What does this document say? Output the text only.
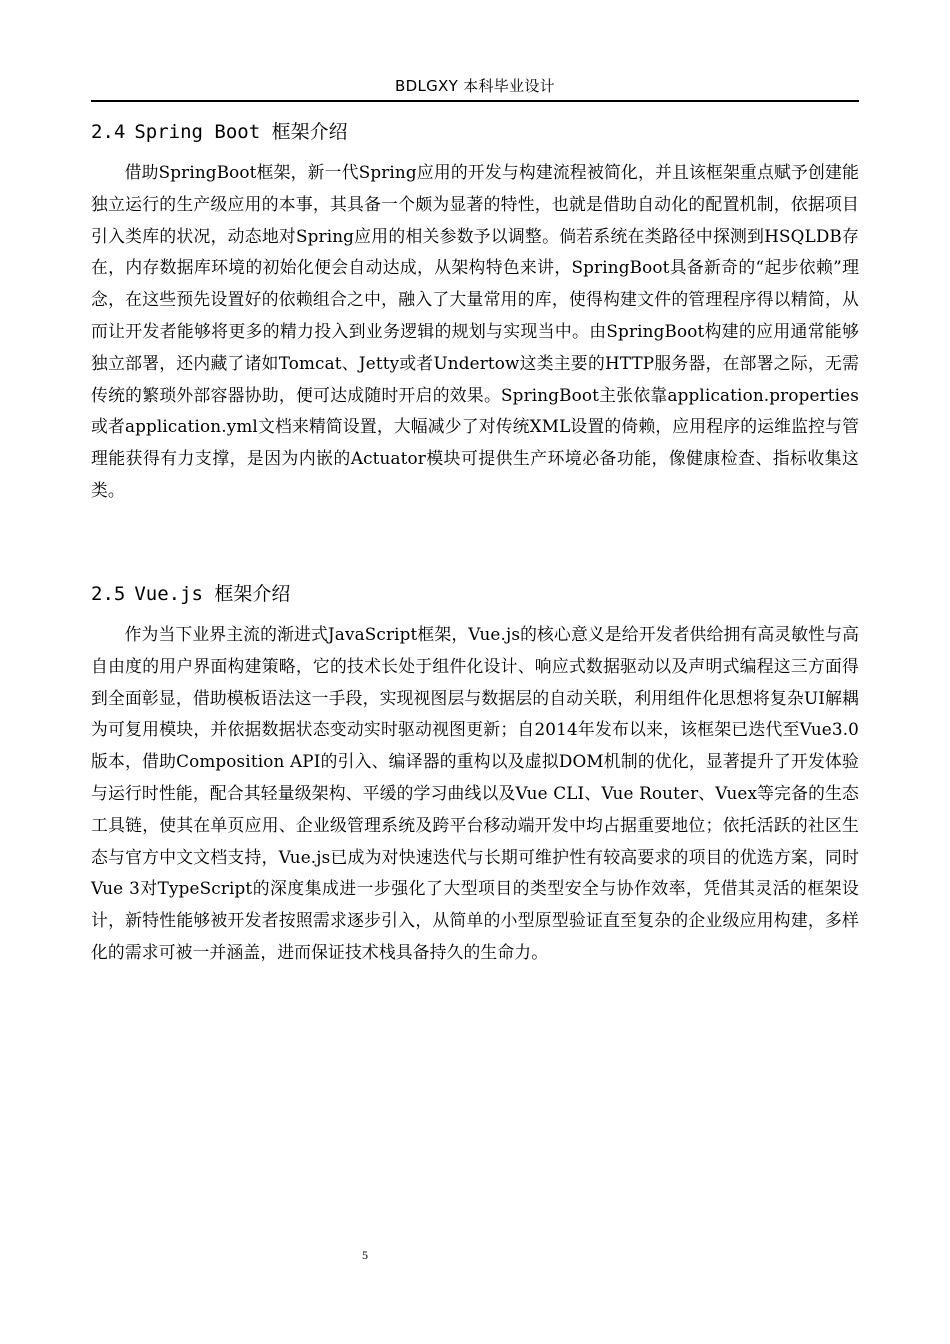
BDLGXY 本科毕业设计
2.4 Spring Boot 框架介绍

借助SpringBoot框架，新一代Spring应用的开发与构建流程被简化，并且该框架重点赋予创建能独立运行的生产级应用的本事，其具备一个颇为显著的特性，也就是借助自动化的配置机制，依据项目引入类库的状况，动态地对Spring应用的相关参数予以调整。倘若系统在类路径中探测到HSQLDB存在，内存数据库环境的初始化便会自动达成，从架构特色来讲，SpringBoot具备新奇的“起步依赖”理念，在这些预先设置好的依赖组合之中，融入了大量常用的库，使得构建文件的管理程序得以精简，从而让开发者能够将更多的精力投入到业务逻辑的规划与实现当中。由SpringBoot构建的应用通常能够独立部署，还内藏了诸如Tomcat、Jetty或者Undertow这类主要的HTTP服务器，在部署之际，无需传统的繁琐外部容器协助，便可达成随时开启的效果。SpringBoot主张依靠application.properties或者application.yml文档来精简设置，大幅减少了对传统XML设置的倚赖，应用程序的运维监控与管理能获得有力支撑，是因为内嵌的Actuator模块可提供生产环境必备功能，像健康检查、指标收集这类。

2.5 Vue.js 框架介绍

作为当下业界主流的渐进式JavaScript框架，Vue.js的核心意义是给开发者供给拥有高灵敏性与高自由度的用户界面构建策略，它的技术长处于组件化设计、响应式数据驱动以及声明式编程这三方面得到全面彰显，借助模板语法这一手段，实现视图层与数据层的自动关联，利用组件化思想将复杂UI解耦为可复用模块，并依据数据状态变动实时驱动视图更新；自2014年发布以来，该框架已迭代至Vue3.0版本，借助Composition API的引入、编译器的重构以及虚拟DOM机制的优化，显著提升了开发体验与运行时性能，配合其轻量级架构、平缓的学习曲线以及Vue CLI、Vue Router、Vuex等完备的生态工具链，使其在单页应用、企业级管理系统及跨平台移动端开发中均占据重要地位；依托活跃的社区生态与官方中文文档支持，Vue.js已成为对快速迭代与长期可维护性有较高要求的项目的优选方案，同时Vue 3对TypeScript的深度集成进一步强化了大型项目的类型安全与协作效率，凭借其灵活的框架设计，新特性能够被开发者按照需求逐步引入，从简单的小型原型验证直至复杂的企业级应用构建，多样化的需求可被一并涵盖，进而保证技术栈具备持久的生命力。

5
